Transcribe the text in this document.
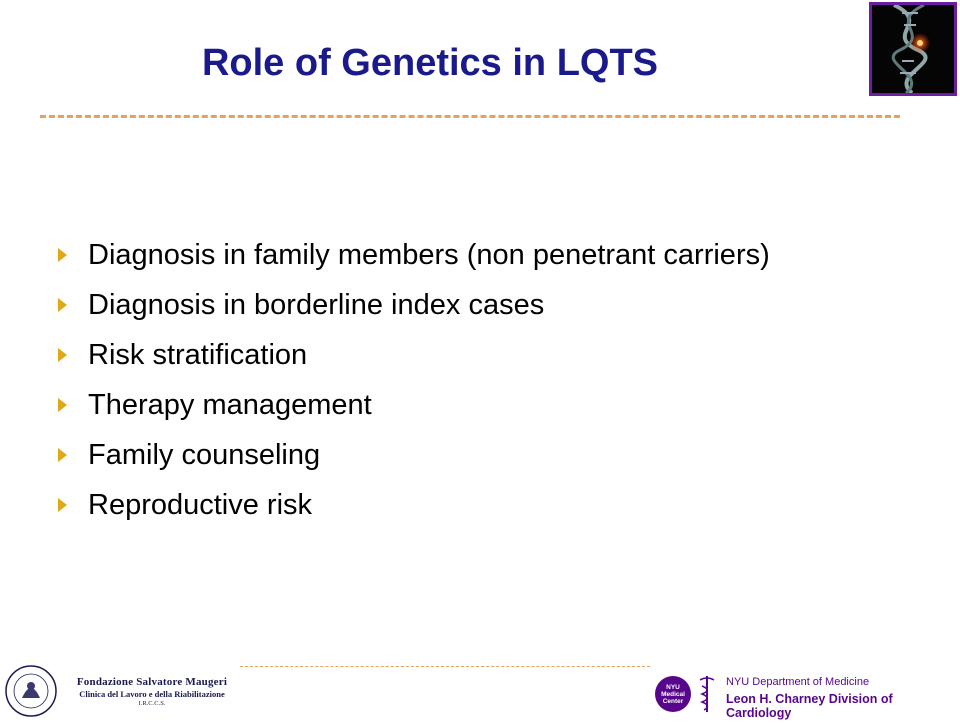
Role of Genetics in LQTS
Diagnosis in family members (non penetrant carriers)
Diagnosis in borderline index cases
Risk stratification
Therapy management
Family counseling
Reproductive risk
Fondazione Salvatore Maugeri
Clinica del Lavoro e della Riabilitazione
I.R.C.C.S.
NYU
Medical
Center
NYU Department of Medicine
Leon H. Charney Division of Cardiology
